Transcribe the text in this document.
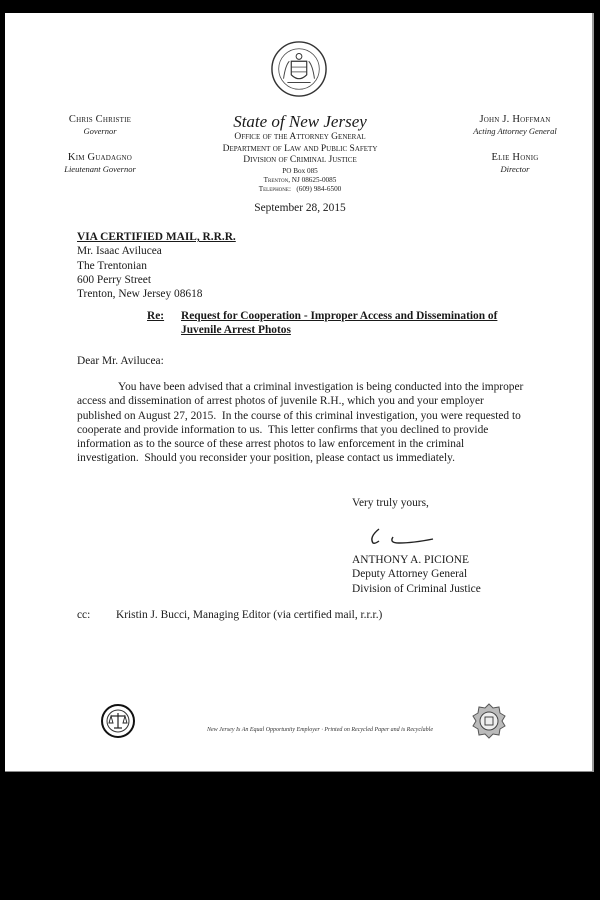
Chris Christie
Governor
Kim Guadagno
Lieutenant Governor
John J. Hoffman
Acting Attorney General
Elie Honig
Director
State of New Jersey
Office of the Attorney General
Department of Law and Public Safety
Division of Criminal Justice
PO Box 085
Trenton, NJ 08625-0085
Telephone:   (609) 984-6500
September 28, 2015
VIA CERTIFIED MAIL, R.R.R.
Mr. Isaac Avilucea
The Trentonian
600 Perry Street
Trenton, New Jersey 08618
Re: Request for Cooperation - Improper Access and Dissemination of
Juvenile Arrest Photos
Dear Mr. Avilucea:
You have been advised that a criminal investigation is being conducted into the improper
access and dissemination of arrest photos of juvenile R.H., which you and your employer
published on August 27, 2015.  In the course of this criminal investigation, you were requested to
cooperate and provide information to us.  This letter confirms that you declined to provide
information as to the source of these arrest photos to law enforcement in the criminal
investigation.  Should you reconsider your position, please contact us immediately.
Very truly yours,
ANTHONY A. PICIONE
Deputy Attorney General
Division of Criminal Justice
cc: Kristin J. Bucci, Managing Editor (via certified mail, r.r.r.)
New Jersey Is An Equal Opportunity Employer · Printed on Recycled Paper and is Recyclable
